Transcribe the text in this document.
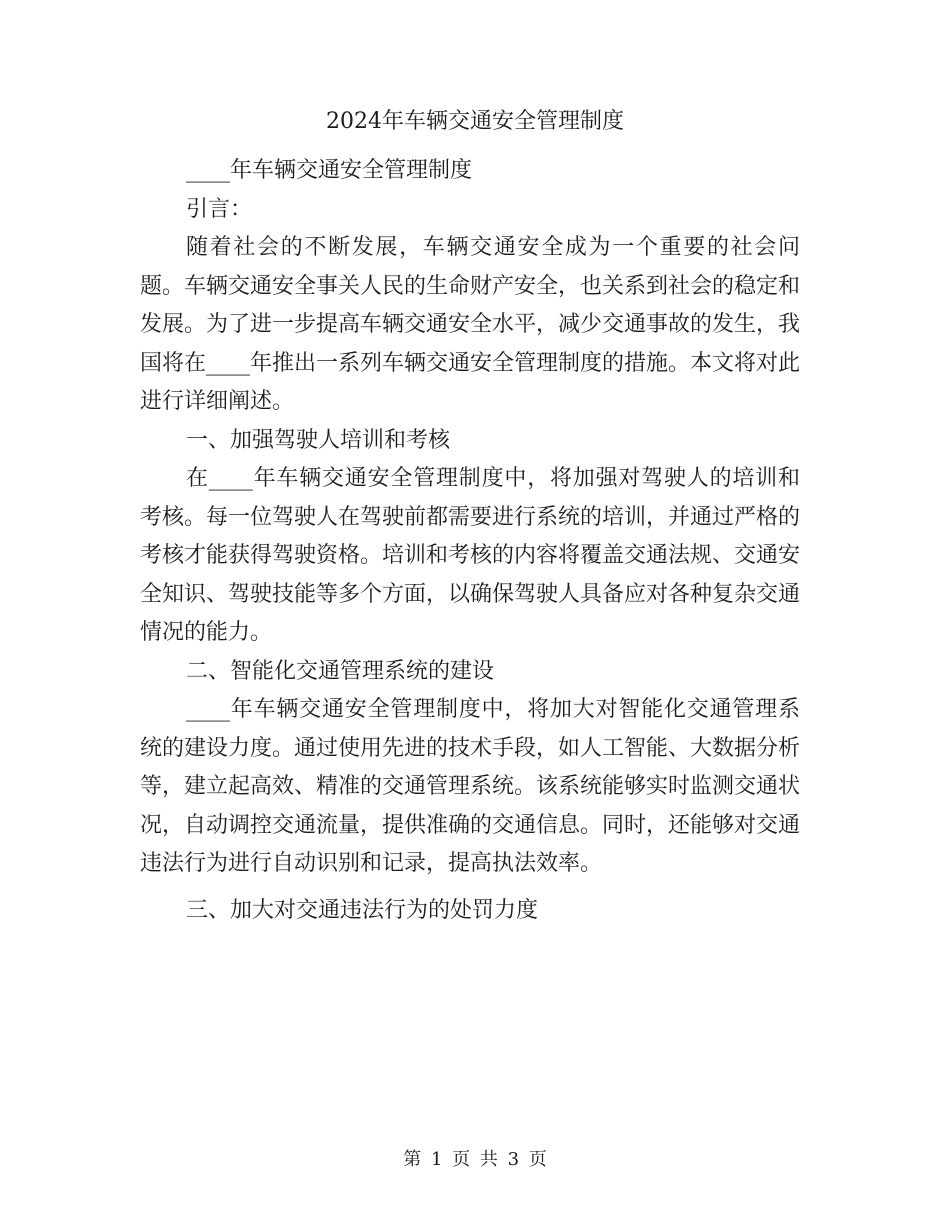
2024年车辆交通安全管理制度

____年车辆交通安全管理制度

引言：

随着社会的不断发展，车辆交通安全成为一个重要的社会问题。车辆交通安全事关人民的生命财产安全，也关系到社会的稳定和发展。为了进一步提高车辆交通安全水平，减少交通事故的发生，我国将在____年推出一系列车辆交通安全管理制度的措施。本文将对此进行详细阐述。

一、加强驾驶人培训和考核

在____年车辆交通安全管理制度中，将加强对驾驶人的培训和考核。每一位驾驶人在驾驶前都需要进行系统的培训，并通过严格的考核才能获得驾驶资格。培训和考核的内容将覆盖交通法规、交通安全知识、驾驶技能等多个方面，以确保驾驶人具备应对各种复杂交通情况的能力。

二、智能化交通管理系统的建设

____年车辆交通安全管理制度中，将加大对智能化交通管理系统的建设力度。通过使用先进的技术手段，如人工智能、大数据分析等，建立起高效、精准的交通管理系统。该系统能够实时监测交通状况，自动调控交通流量，提供准确的交通信息。同时，还能够对交通违法行为进行自动识别和记录，提高执法效率。

三、加大对交通违法行为的处罚力度

第 1 页 共 3 页
